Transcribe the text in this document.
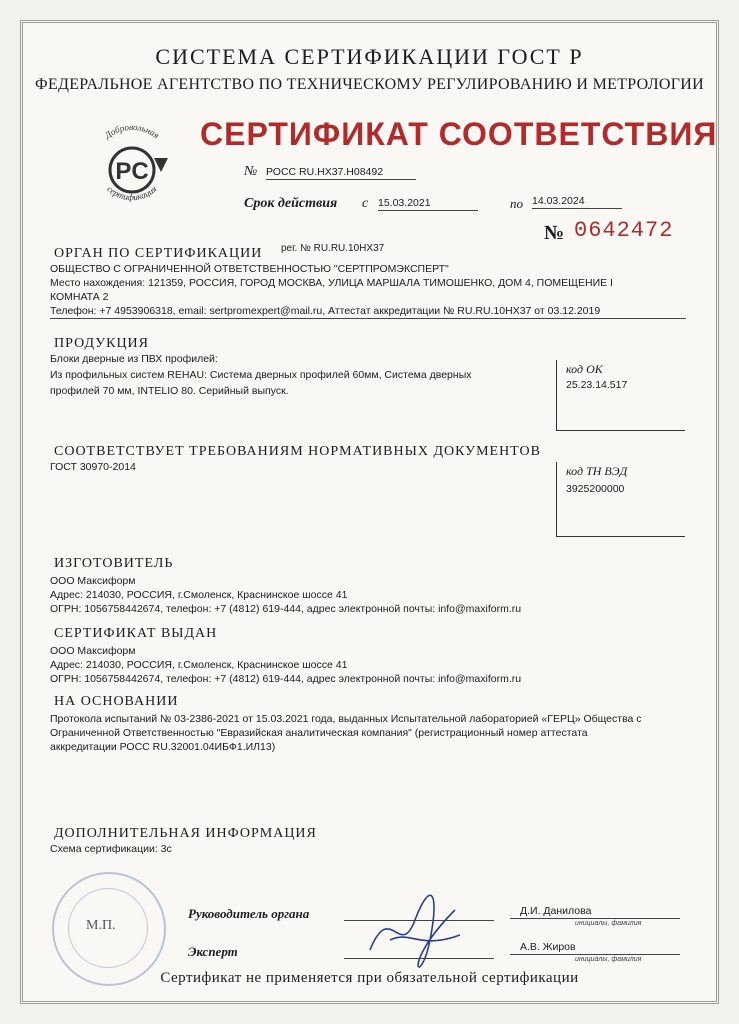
СИСТЕМА СЕРТИФИКАЦИИ ГОСТ Р
ФЕДЕРАЛЬНОЕ АГЕНТСТВО ПО ТЕХНИЧЕСКОМУ РЕГУЛИРОВАНИЮ И МЕТРОЛОГИИ
Добровольная
сертификация
PC
СЕРТИФИКАТ СООТВЕТСТВИЯ
№ РОСС RU.HX37.H08492
Срок действия с 15.03.2021	по 14.03.2024
№ 0642472
ОРГАН ПО СЕРТИФИКАЦИИ рег. № RU.RU.10HX37
ОБЩЕСТВО С ОГРАНИЧЕННОЙ ОТВЕТСТВЕННОСТЬЮ "СЕРТПРОМЭКСПЕРТ"
Место нахождения: 121359, РОССИЯ, ГОРОД МОСКВА, УЛИЦА МАРШАЛА ТИМОШЕНКО, ДОМ 4, ПОМЕЩЕНИЕ I
КОМНАТА 2
Телефон: +7 4953906318, email: sertpromexpert@mail.ru, Аттестат аккредитации № RU.RU.10HX37 от 03.12.2019
ПРОДУКЦИЯ
Блоки дверные из ПВХ профилей:
Из профильных систем REHAU: Система дверных профилей 60мм, Система дверных
профилей 70 мм, INTELIO 80. Серийный выпуск.
код ОК
25.23.14.517
СООТВЕТСТВУЕТ ТРЕБОВАНИЯМ НОРМАТИВНЫХ ДОКУМЕНТОВ
ГОСТ 30970-2014	код ТН ВЭД
3925200000
ИЗГОТОВИТЕЛЬ
ООО Максиформ
Адрес: 214030, РОССИЯ, г.Смоленск, Краснинское шоссе 41
ОГРН: 1056758442674, телефон: +7 (4812) 619-444, адрес электронной почты: info@maxiform.ru
СЕРТИФИКАТ ВЫДАН
ООО Максиформ
Адрес: 214030, РОССИЯ, г.Смоленск, Краснинское шоссе 41
ОГРН: 1056758442674, телефон: +7 (4812) 619-444, адрес электронной почты: info@maxiform.ru
НА ОСНОВАНИИ
Протокола испытаний № 03-2386-2021 от 15.03.2021 года, выданных Испытательной лабораторией «ГЕРЦ» Общества с
Ограниченной Ответственностью "Евразийская аналитическая компания" (регистрационный номер аттестата
аккредитации РОСС RU.32001.04ИБФ1.ИЛ13)
ДОПОЛНИТЕЛЬНАЯ ИНФОРМАЦИЯ
Схема сертификации: 3с
М.П.
Руководитель органа	Д.И. Данилова
инициалы, фамилия
Эксперт	А.В. Жиров
инициалы, фамилия
Сертификат не применяется при обязательной сертификации
